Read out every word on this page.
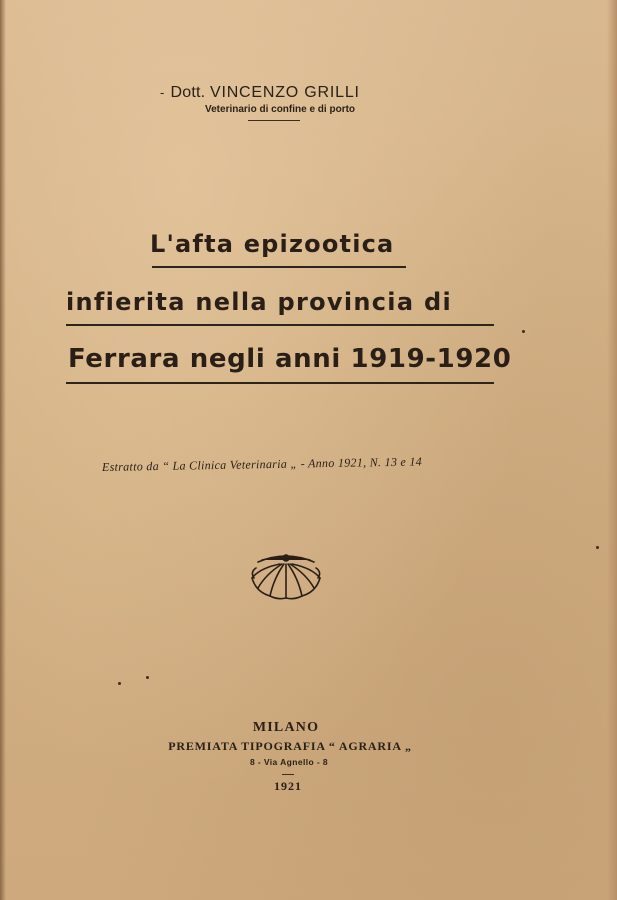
- Dott. VINCENZO GRILLI
Veterinario di confine e di porto
L'afta epizootica
infierita nella provincia di
Ferrara negli anni 1919-1920
Estratto da “ La Clinica Veterinaria „ - Anno 1921, N. 13 e 14
MILANO
PREMIATA TIPOGRAFIA “ AGRARIA „
8 - Via Agnello - 8
1921
